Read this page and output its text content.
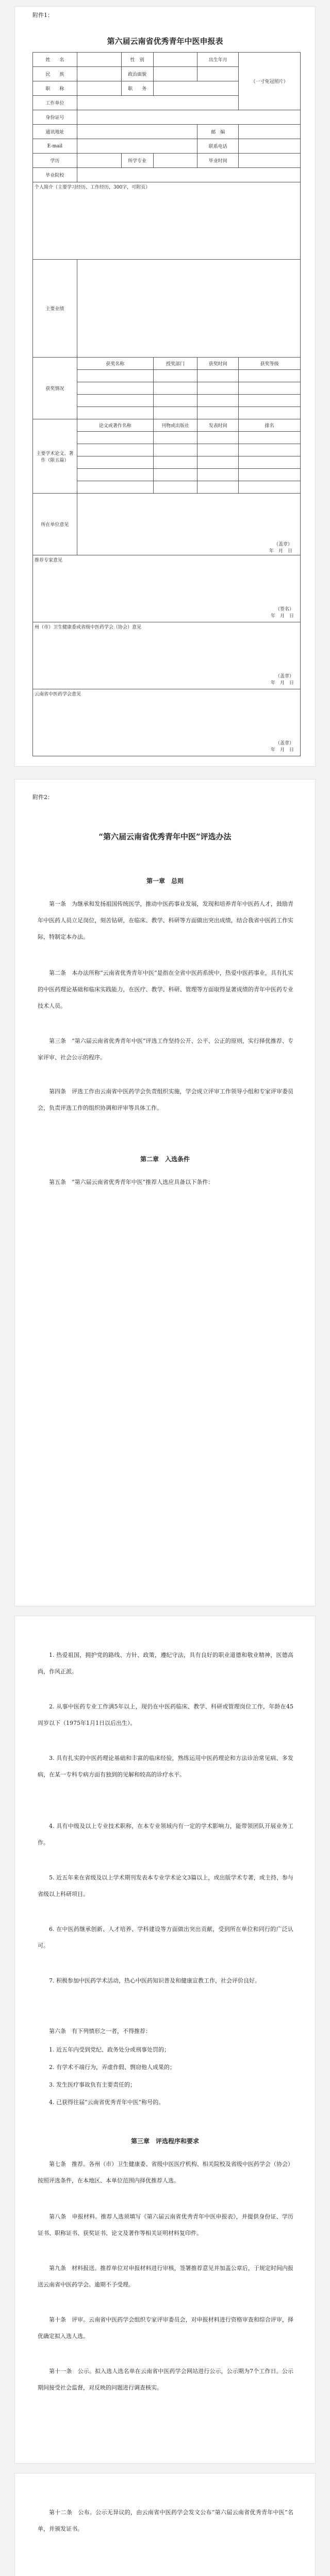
附件1：
第六届云南省优秀青年中医申报表
姓　　名		性　别		出生年月	（一寸免冠照片）
民　　族		政治面貌			
职　　称		职　　务			
工作单位					
身份证号					
通讯地址				邮　编	
E-mail				联系电话	
学历		所学专业		毕业时间	
毕业院校					
个人简介（主要学习经历、工作经历，300字，可附页）					
主要业绩					
获奖情况	获奖名称		授奖部门	获奖时间	获奖等级

主要学术论文、著作（限五篇）	论文或著作名称		刊物或出版社	发表时间	排名

所在单位意见	（盖章）
年　月　日				

推荐专家意见
（签名）
年　月　日					

州（市）卫生健康委或省级中医药学会（协会）意见
（盖章）
年　月　日					

云南省中医药学会意见
（盖章）
年　月　日					
附件2：
“第六届云南省优秀青年中医”评选办法
第一章　总则

第一条　为继承和发扬祖国传统医学，推动中医药事业发展，发现和培养青年中医药人才，鼓励青年中医药人员立足岗位，刻苦钻研，在临床、教学、科研等方面做出突出成绩，结合我省中医药工作实际，特制定本办法。

第二条　本办法所称“云南省优秀青年中医”是指在全省中医药系统中，热爱中医药事业，具有扎实的中医药理论基础和临床实践能力，在医疗、教学、科研、管理等方面取得显著成绩的青年中医药专业技术人员。

第三条　“第六届云南省优秀青年中医”评选工作坚持公开、公平、公正的原则，实行择优推荐、专家评审、社会公示的程序。

第四条　评选工作由云南省中医药学会负责组织实施，学会成立评审工作领导小组和专家评审委员会，负责评选工作的组织协调和评审等具体工作。

第二章　入选条件

第五条　“第六届云南省优秀青年中医”推荐人选应具备以下条件：

1. 热爱祖国，拥护党的路线、方针、政策，遵纪守法，具有良好的职业道德和敬业精神，医德高尚，作风正派。

2. 从事中医药专业工作满5年以上，现仍在中医药临床、教学、科研或管理岗位工作，年龄在45周岁以下（1975年1月1日以后出生）。

3. 具有扎实的中医药理论基础和丰富的临床经验，熟练运用中医药理论和方法诊治常见病、多发病，在某一专科专病方面有独到的见解和较高的诊疗水平。

4. 具有中级及以上专业技术职称，在本专业领域内有一定的学术影响力，能带领团队开展业务工作。

5. 近五年来在省级及以上学术期刊发表本专业学术论文3篇以上，或出版学术专著，或主持、参与省级以上科研项目。

6. 在中医药继承创新、人才培养、学科建设等方面做出突出贡献，受到所在单位和同行的广泛认可。

7. 积极参加中医药学术活动，热心中医药知识普及和健康宣教工作，社会评价良好。

第六条　有下列情形之一者，不得推荐：

1. 近五年内受到党纪、政务处分或刑事处罚的；

2. 有学术不端行为，弄虚作假、剽窃他人成果的；

3. 发生医疗事故负有主要责任的；

4. 已获得往届“云南省优秀青年中医”称号的。

第三章　评选程序和要求

第七条　推荐。各州（市）卫生健康委、省级中医医疗机构、相关院校及省级中医药学会（协会）按照评选条件，在本地区、本单位范围内择优推荐人选。

第八条　申报材料。推荐人选须填写《第六届云南省优秀青年中医申报表》，并提供身份证、学历证书、职称证书、获奖证书、论文及著作等相关证明材料复印件。

第九条　材料报送。推荐单位对申报材料进行审核，签署推荐意见并加盖公章后，于规定时间内报送云南省中医药学会。逾期不予受理。

第十条　评审。云南省中医药学会组织专家评审委员会，对申报材料进行资格审查和综合评审，择优确定拟入选人选。

第十一条　公示。拟入选人选名单在云南省中医药学会网站进行公示，公示期为7个工作日。公示期间接受社会监督，对反映的问题进行调查核实。

第十二条　公布。公示无异议的，由云南省中医药学会发文公布“第六届云南省优秀青年中医”名单，并颁发证书。
